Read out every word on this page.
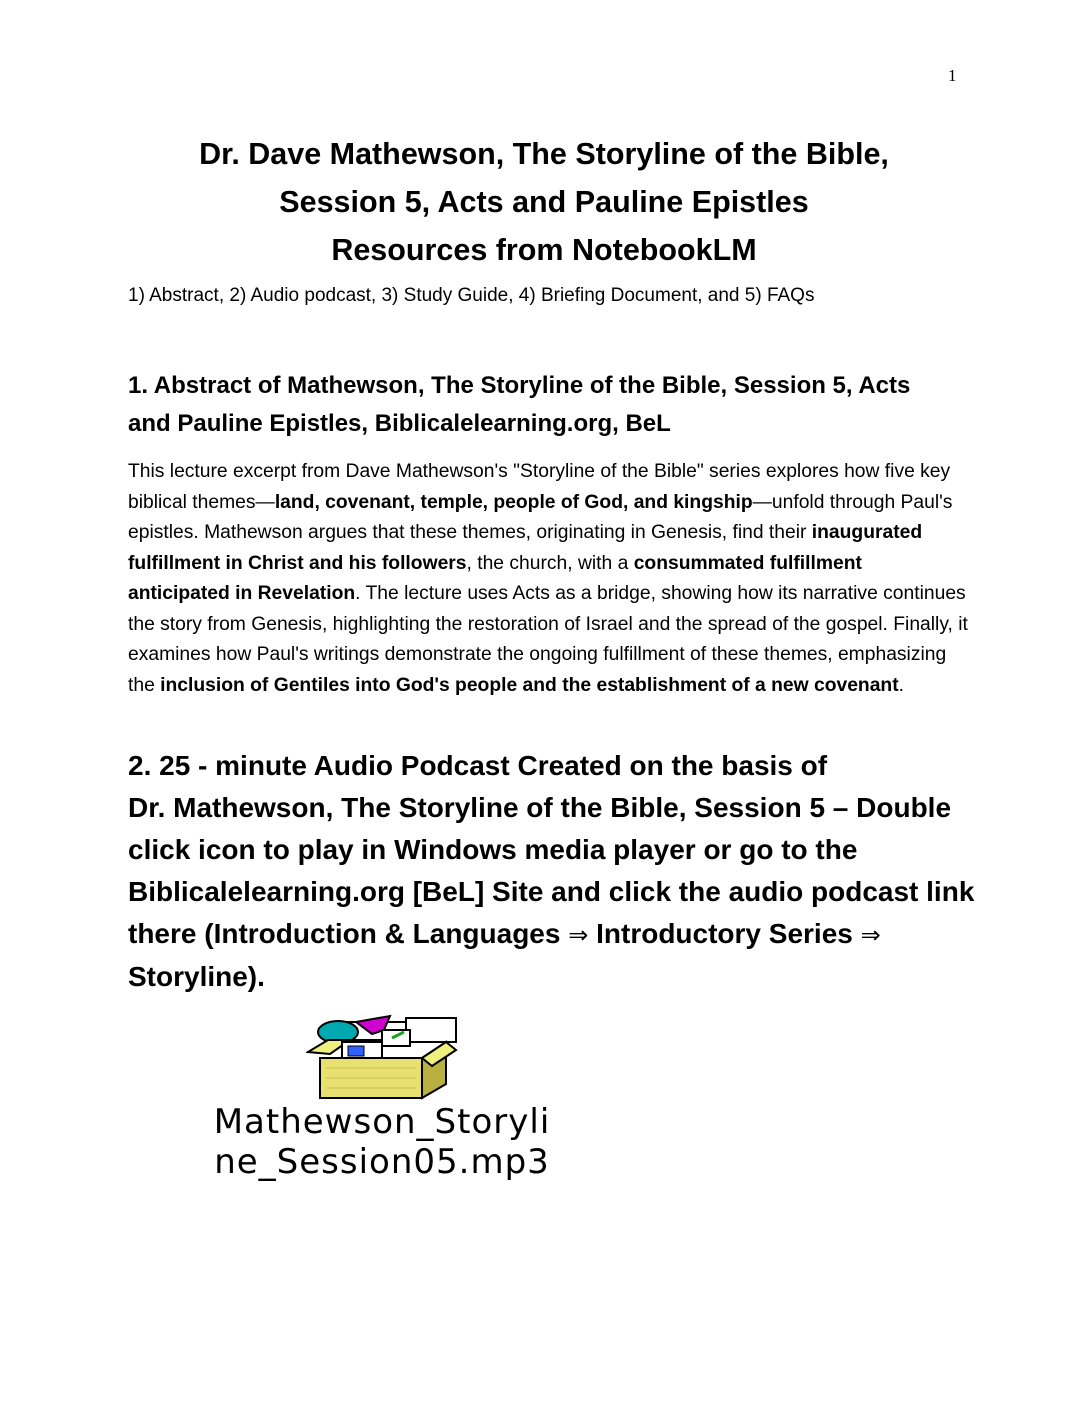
1
Dr. Dave Mathewson, The Storyline of the Bible,
Session 5, Acts and Pauline Epistles
Resources from NotebookLM
1) Abstract, 2) Audio podcast, 3) Study Guide, 4) Briefing Document, and 5) FAQs
1. Abstract of Mathewson, The Storyline of the Bible, Session 5, Acts
and Pauline Epistles, Biblicalelearning.org, BeL
This lecture excerpt from Dave Mathewson's "Storyline of the Bible" series explores how five key biblical themes—land, covenant, temple, people of God, and kingship—unfold through Paul's epistles. Mathewson argues that these themes, originating in Genesis, find their inaugurated fulfillment in Christ and his followers, the church, with a consummated fulfillment anticipated in Revelation. The lecture uses Acts as a bridge, showing how its narrative continues the story from Genesis, highlighting the restoration of Israel and the spread of the gospel. Finally, it examines how Paul's writings demonstrate the ongoing fulfillment of these themes, emphasizing the inclusion of Gentiles into God's people and the establishment of a new covenant.
2. 25 - minute Audio Podcast Created on the basis of
Dr. Mathewson, The Storyline of the Bible, Session 5 – Double
click icon to play in Windows media player or go to the
Biblicalelearning.org [BeL] Site and click the audio podcast link
there (Introduction & Languages ⇒ Introductory Series ⇒
Storyline).
Mathewson_Storyli
ne_Session05.mp3
